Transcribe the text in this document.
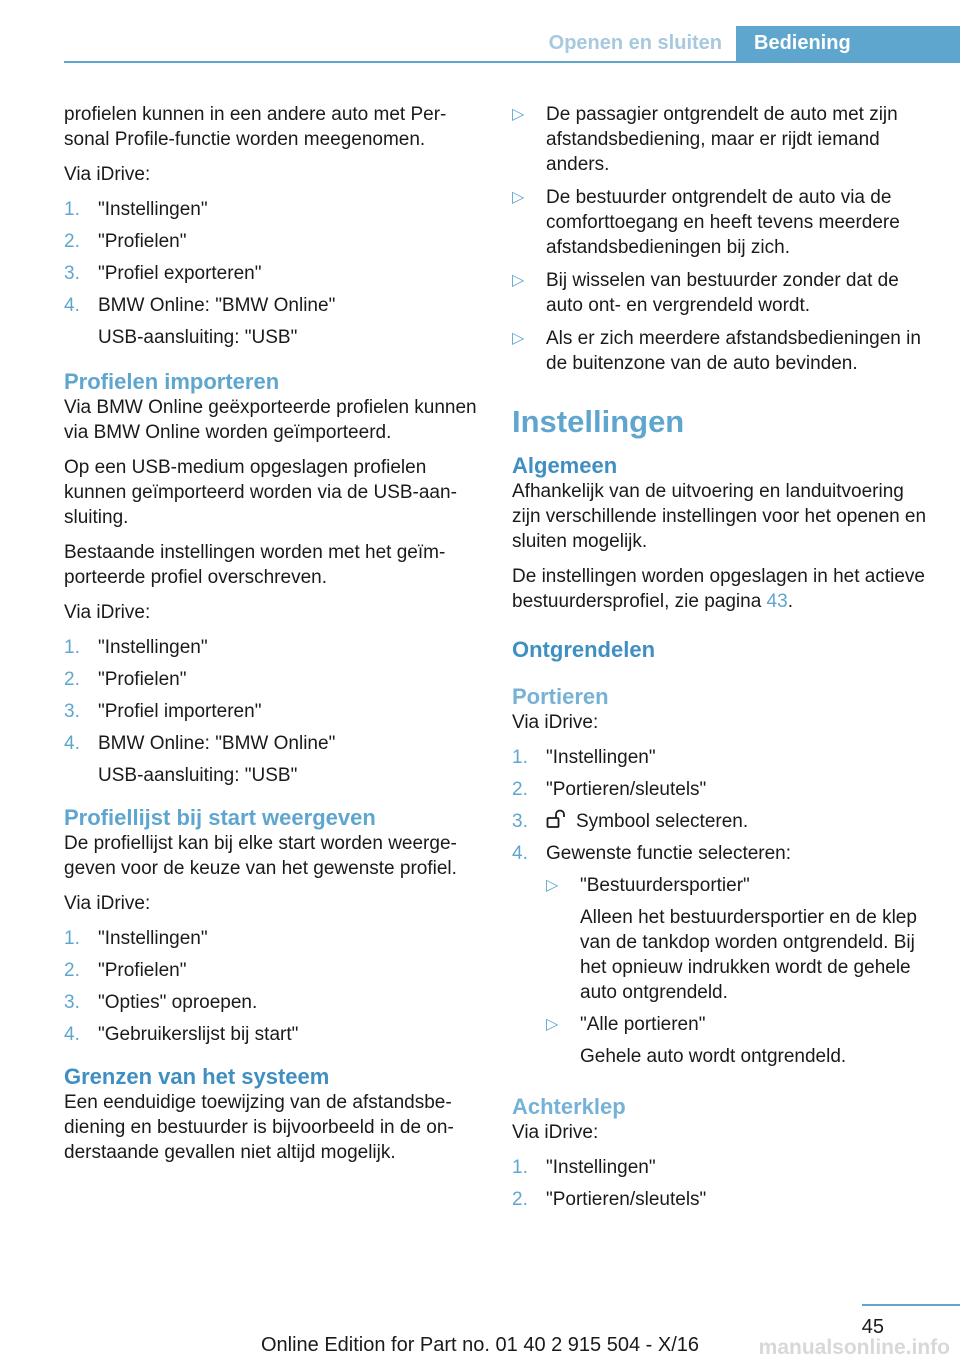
Openen en sluiten	Bediening

profielen kunnen in een andere auto met Personal Profile-functie worden meegenomen.

Via iDrive:

1. "Instellingen"
2. "Profielen"
3. "Profiel exporteren"
4. BMW Online: "BMW Online"
USB-aansluiting: "USB"
Profielen importeren

Via BMW Online geëxporteerde profielen kunnen via BMW Online worden geïmporteerd.

Op een USB-medium opgeslagen profielen kunnen geïmporteerd worden via de USB-aansluiting.

Bestaande instellingen worden met het geïmporteerde profiel overschreven.

Via iDrive:

1. "Instellingen"
2. "Profielen"
3. "Profiel importeren"
4. BMW Online: "BMW Online"
USB-aansluiting: "USB"
Profiellijst bij start weergeven

De profiellijst kan bij elke start worden weergegeven voor de keuze van het gewenste profiel.

Via iDrive:

1. "Instellingen"
2. "Profielen"
3. "Opties" oproepen.
4. "Gebruikerslijst bij start"
Grenzen van het systeem

Een eenduidige toewijzing van de afstandsbediening en bestuurder is bijvoorbeeld in de onderstaande gevallen niet altijd mogelijk.

▷ De passagier ontgrendelt de auto met zijn afstandsbediening, maar er rijdt iemand anders.
▷ De bestuurder ontgrendelt de auto via de comforttoegang en heeft tevens meerdere afstandsbedieningen bij zich.
▷ Bij wisselen van bestuurder zonder dat de auto ont- en vergrendeld wordt.
▷ Als er zich meerdere afstandsbedieningen in de buitenzone van de auto bevinden.
Instellingen
Algemeen

Afhankelijk van de uitvoering en landuitvoering zijn verschillende instellingen voor het openen en sluiten mogelijk.

De instellingen worden opgeslagen in het actieve bestuurdersprofiel, zie pagina 43.

Ontgrendelen
Portieren

Via iDrive:

1. "Instellingen"
2. "Portieren/sleutels"
3.	Symbool selecteren.
4. Gewenste functie selecteren:
▷ "Bestuurdersportier"
Alleen het bestuurdersportier en de klep van de tankdop worden ontgrendeld. Bij het opnieuw indrukken wordt de gehele auto ontgrendeld.
▷ "Alle portieren"
Gehele auto wordt ontgrendeld.
Achterklep

Via iDrive:

1. "Instellingen"
2. "Portieren/sleutels"
45
Online Edition for Part no. 01 40 2 915 504 - X/16	manualsonline.info
